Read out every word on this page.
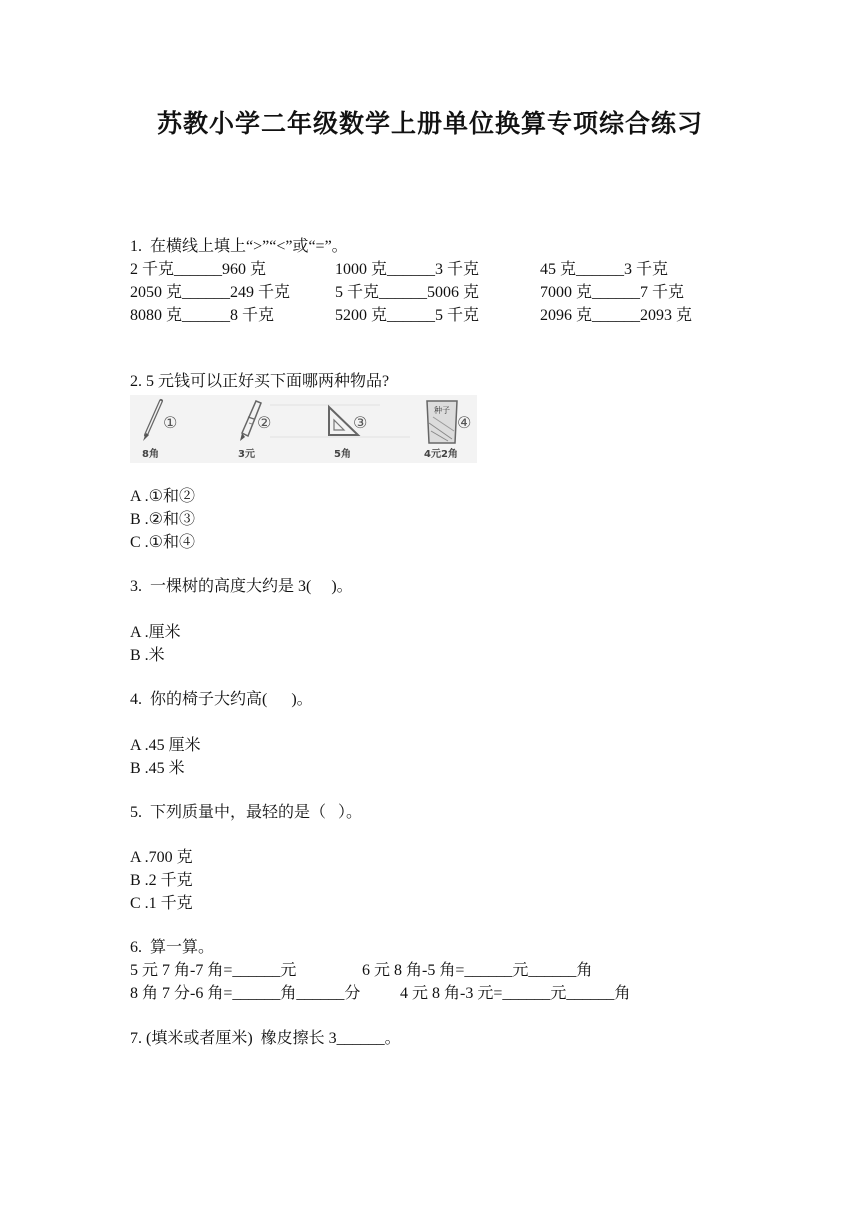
苏教小学二年级数学上册单位换算专项综合练习
1.  在横线上填上“>”“<”或“=”。
2 千克______960 克	1000 克______3 千克	45 克______3 千克
2050 克______249 千克	5 千克______5006 克	7000 克______7 千克
8080 克______8 千克	5200 克______5 千克	2096 克______2093 克
2. 5 元钱可以正好买下面哪两种物品?
①
8角
②
3元
③
5角
种子
④
4元2角
A .①和②
B .②和③
C .①和④
3.  一棵树的高度大约是 3(     )。
A .厘米
B .米
4.  你的椅子大约高(      )。
A .45 厘米
B .45 米
5.  下列质量中，最轻的是（   ）。
A .700 克
B .2 千克
C .1 千克
6.  算一算。
5 元 7 角-7 角=______元	6 元 8 角-5 角=______元______角
8 角 7 分-6 角=______角______分 4 元 8 角-3 元=______元______角
7. (填米或者厘米)  橡皮擦长 3______。
